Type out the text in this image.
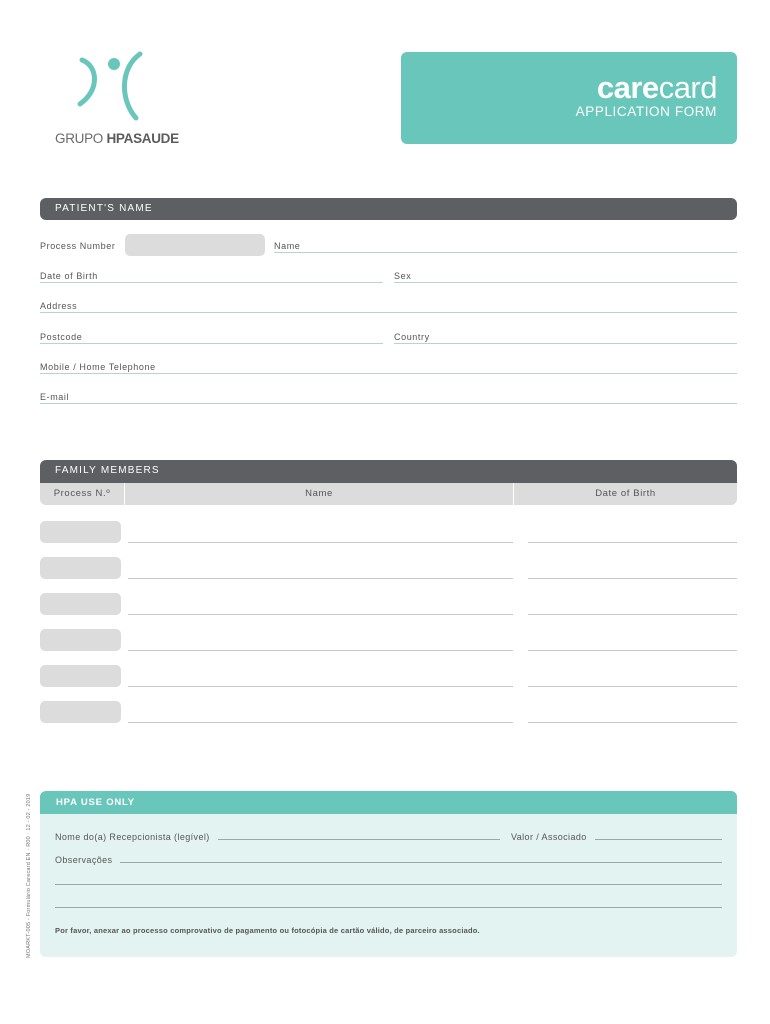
GRUPO HPASAUDE
carecard
APPLICATION FORM
PATIENT'S NAME
Process Number	Name
Date of Birth	Sex
Address
Postcode	Country
Mobile / Home Telephone
E-mail
FAMILY MEMBERS
Process N.º	Name	Date of Birth
HPA USE ONLY
Nome do(a) Recepcionista (legível)	Valor / Associado
Observações
Por favor, anexar ao processo comprovativo de pagamento ou fotocópia de cartão válido, de parceiro associado.
MOARKT-005 - Formulário Carecard EN · R00 · 12 - 02 - 2019
